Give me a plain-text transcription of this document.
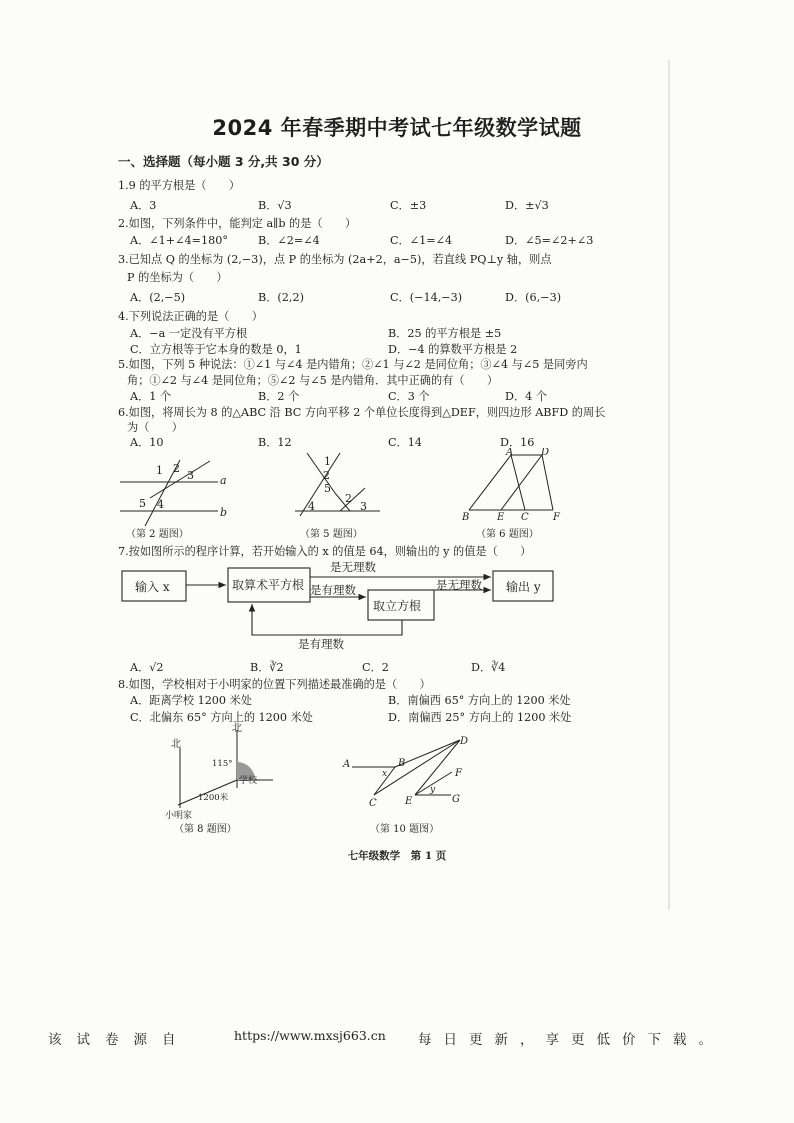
2024 年春季期中考试七年级数学试题
一、选择题（每小题 3 分,共 30 分）
1.9 的平方根是（　　）
A．3	B．√3	C．±3	D．±√3
2.如图，下列条件中，能判定 a∥b 的是（　　）
A．∠1+∠4=180°	B．∠2=∠4	C．∠1=∠4	D．∠5=∠2+∠3
3.已知点 Q 的坐标为 (2,−3)，点 P 的坐标为 (2a+2，a−5)，若直线 PQ⊥y 轴，则点
P 的坐标为（　　）
A．(2,−5)	B．(2,2)	C．(−14,−3)	D．(6,−3)
4.下列说法正确的是（　　）
A．−a 一定没有平方根	B．25 的平方根是 ±5
C．立方根等于它本身的数是 0，1	D．−4 的算数平方根是 2
5.如图，下列 5 种说法：①∠1 与∠4 是内错角；②∠1 与∠2 是同位角；③∠4 与∠5 是同旁内
角；①∠2 与∠4 是同位角；⑤∠2 与∠5 是内错角．其中正确的有（　　）
A．1 个	B．2 个	C．3 个	D．4 个
6.如图，将周长为 8 的△ABC 沿 BC 方向平移 2 个单位长度得到△DEF，则四边形 ABFD 的周长
为（　　）
A．10	B．12	C．14	D．16
1 2
3
5 4
a
b
（第 2 题图）
1
2
5
2
4	3
（第 5 题图）
A	D
B	E C F
（第 6 题图）
7.按如图所示的程序计算，若开始输入的 x 的值是 64，则输出的 y 的值是（　　）
输入 x	取算术平方根
取立方根
输出 y
是无理数
是有理数	是无理数
是有理数
A．√2	B．∛2	C．2	D．∛4
8.如图，学校相对于小明家的位置下列描述最准确的是（　　）
A．距离学校 1200 米处	B．南偏西 65° 方向上的 1200 米处
C．北偏东 65° 方向上的 1200 米处	D．南偏西 25° 方向上的 1200 米处
北
北
115°
学校
1200米
小明家
（第 8 题图）
A	B
C
D
E
F
G
x
y
（第 10 题图）
七年级数学　第 1 页
该试卷源自	https://www.mxsj663.cn 每日更新，享更低价下载。
